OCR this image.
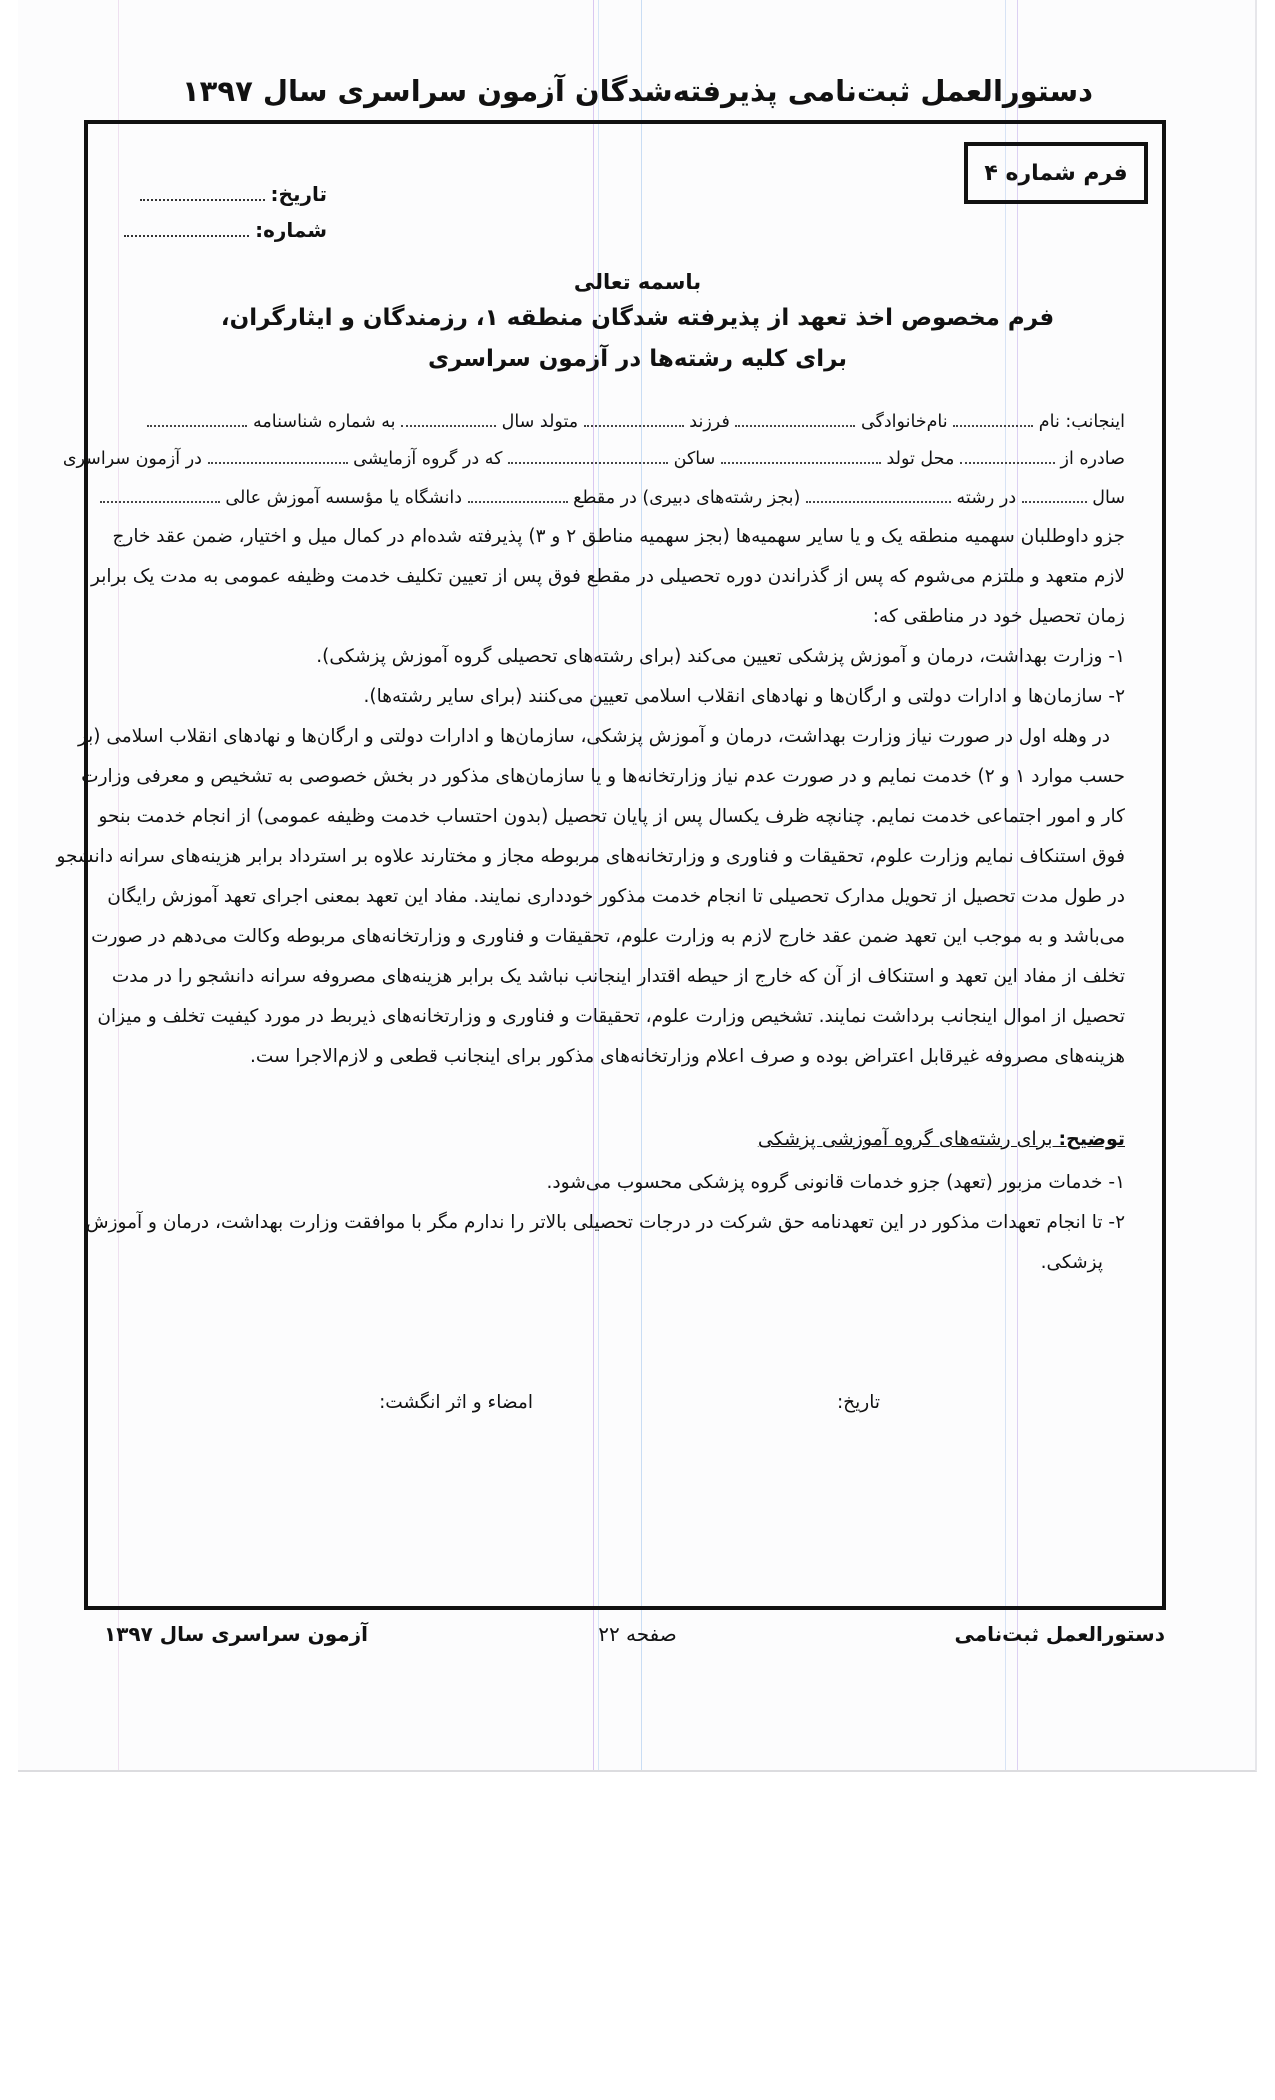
دستورالعمل ثبت‌نامی پذیرفته‌شدگان آزمون سراسری سال ۱۳۹۷
فرم شماره ۴
تاریخ:
شماره:
باسمه تعالی
فرم مخصوص اخذ تعهد از پذیرفته شدگان منطقه ۱، رزمندگان و ایثارگران،
برای کلیه رشته‌ها در آزمون سراسری
اینجانب: نام  نام‌خانوادگی  فرزند  متولد سال  به شماره شناسنامه
صادره از  محل تولد  ساکن  که در گروه آزمایشی  در آزمون سراسری
سال  در رشته  (بجز رشته‌های دبیری) در مقطع  دانشگاه یا مؤسسه آموزش عالی
جزو داوطلبان سهمیه منطقه یک و یا سایر سهمیه‌ها (بجز سهمیه مناطق ۲ و ۳) پذیرفته شده‌ام در کمال میل و اختیار، ضمن عقد خارج
لازم متعهد و ملتزم می‌شوم که پس از گذراندن دوره تحصیلی در مقطع فوق پس از تعیین تکلیف خدمت وظیفه عمومی به مدت یک برابر
زمان تحصیل خود در مناطقی که:
۱- وزارت بهداشت، درمان و آموزش پزشکی تعیین می‌کند (برای رشته‌های تحصیلی گروه آموزش پزشکی).
۲- سازمان‌ها و ادارات دولتی و ارگان‌ها و نهادهای انقلاب اسلامی تعیین می‌کنند (برای سایر رشته‌ها).
در وهله اول در صورت نیاز وزارت بهداشت، درمان و آموزش پزشکی، سازمان‌ها و ادارات دولتی و ارگان‌ها و نهادهای انقلاب اسلامی (بر
حسب موارد ۱ و ۲) خدمت نمایم و در صورت عدم نیاز وزارتخانه‌ها و یا سازمان‌های مذکور در بخش خصوصی به تشخیص و معرفی وزارت
کار و امور اجتماعی خدمت نمایم. چنانچه ظرف یکسال پس از پایان تحصیل (بدون احتساب خدمت وظیفه عمومی) از انجام خدمت بنحو
فوق استنکاف نمایم وزارت علوم، تحقیقات و فناوری و وزارتخانه‌های مربوطه مجاز و مختارند علاوه بر استرداد برابر هزینه‌های سرانه دانشجو
در طول مدت تحصیل از تحویل مدارک تحصیلی تا انجام خدمت مذکور خودداری نمایند. مفاد این تعهد بمعنی اجرای تعهد آموزش رایگان
می‌باشد و به موجب این تعهد ضمن عقد خارج لازم به وزارت علوم، تحقیقات و فناوری و وزارتخانه‌های مربوطه وکالت می‌دهم در صورت
تخلف از مفاد این تعهد و استنکاف از آن که خارج از حیطه اقتدار اینجانب نباشد یک برابر هزینه‌های مصروفه سرانه دانشجو را در مدت
تحصیل از اموال اینجانب برداشت نمایند. تشخیص وزارت علوم، تحقیقات و فناوری و وزارتخانه‌های ذیربط در مورد کیفیت تخلف و میزان
هزینه‌های مصروفه غیرقابل اعتراض بوده و صرف اعلام وزارتخانه‌های مذکور برای اینجانب قطعی و لازم‌الاجرا ست.
توضیح: برای رشته‌های گروه آموزشی پزشکی
۱- خدمات مزبور (تعهد) جزو خدمات قانونی گروه پزشکی محسوب می‌شود.
۲- تا انجام تعهدات مذکور در این تعهدنامه حق شرکت در درجات تحصیلی بالاتر را ندارم مگر با موافقت وزارت بهداشت، درمان و آموزش
پزشکی.
تاریخ:
امضاء و اثر انگشت:
دستورالعمل ثبت‌نامی
صفحه ۲۲
آزمون سراسری سال ۱۳۹۷
